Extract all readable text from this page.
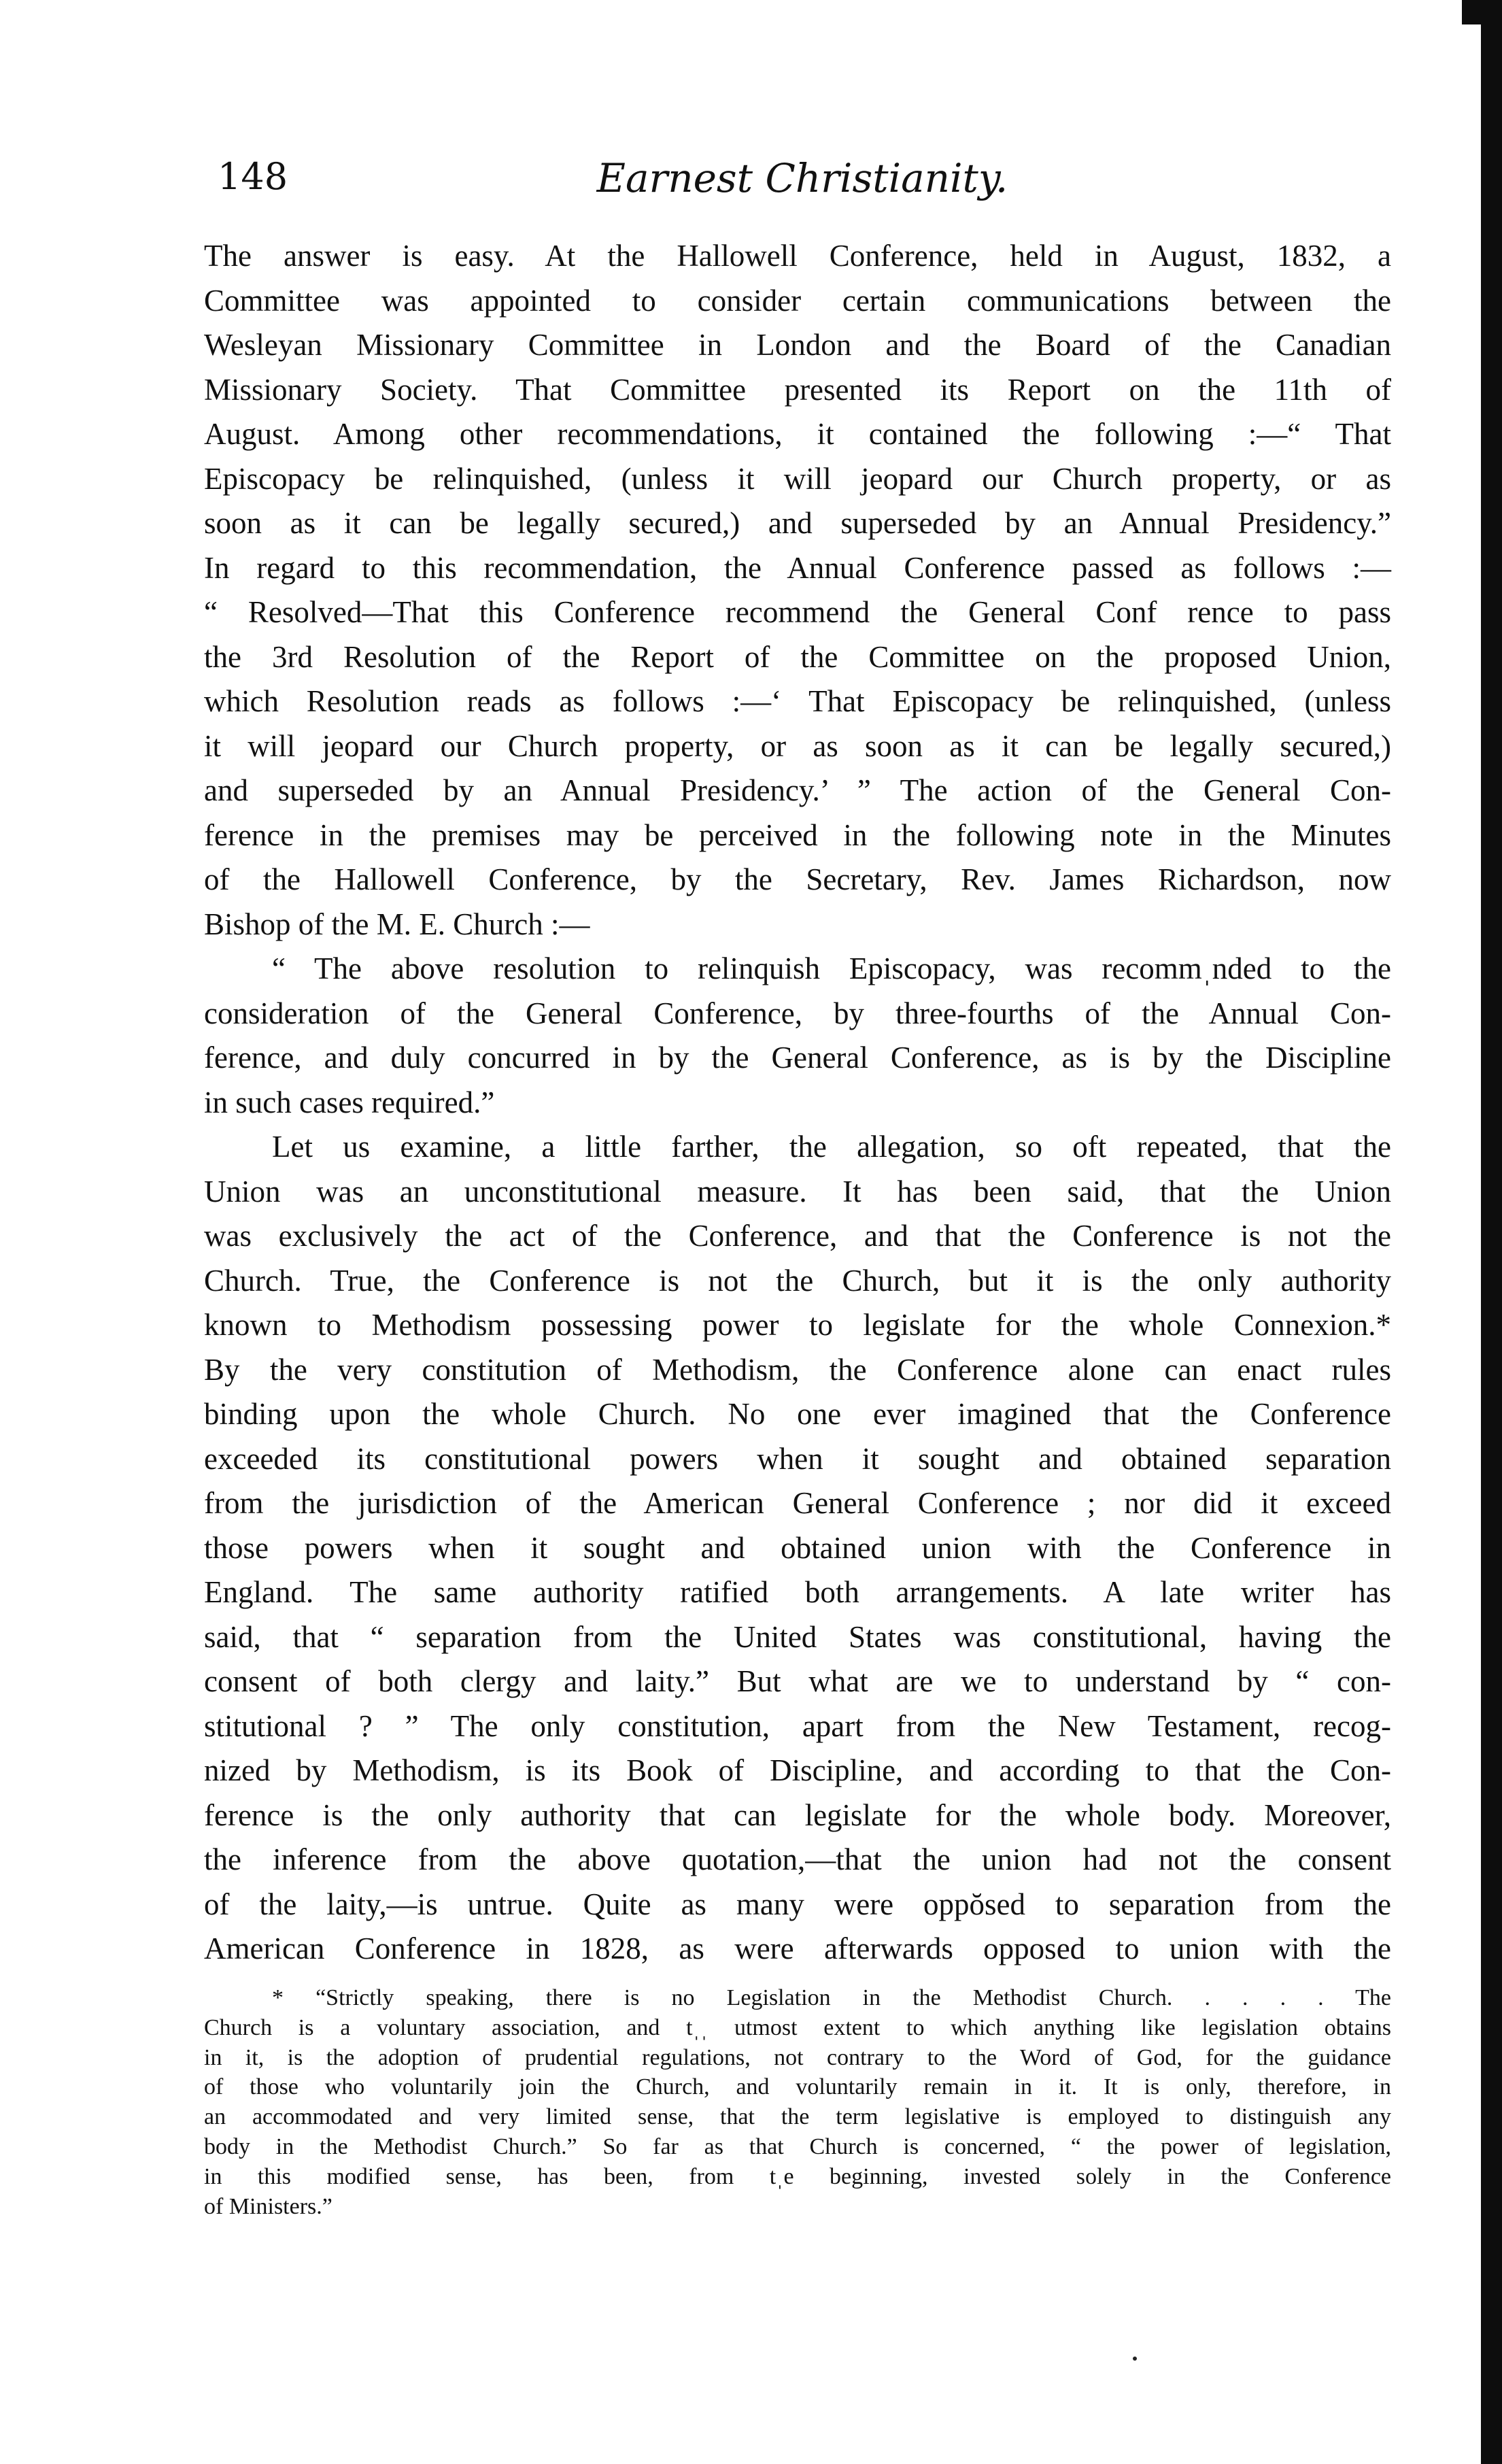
148	Earnest Christianity.
The answer is easy. At the Hallowell Conference, held in August, 1832, a
Committee was appointed to consider certain communications between the
Wesleyan Missionary Committee in London and the Board of the Canadian
Missionary Society. That Committee presented its Report on the 11th of
August. Among other recommendations, it contained the following :—“ That
Episcopacy be relinquished, (unless it will jeopard our Church property, or as
soon as it can be legally secured,) and superseded by an Annual Presidency.”
In regard to this recommendation, the Annual Conference passed as follows :—
“ Resolved—That this Conference recommend the General Conf rence to pass
the 3rd Resolution of the Report of the Committee on the proposed Union,
which Resolution reads as follows :—‘ That Episcopacy be relinquished, (unless
it will jeopard our Church property, or as soon as it can be legally secured,)
and superseded by an Annual Presidency.’ ” The action of the General Con-
ference in the premises may be perceived in the following note in the Minutes
of the Hallowell Conference, by the Secretary, Rev. James Richardson, now
Bishop of the M. E. Church :—
“ The above resolution to relinquish Episcopacy, was recommˌnded to the
consideration of the General Conference, by three-fourths of the Annual Con-
ference, and duly concurred in by the General Conference, as is by the Discipline
in such cases required.”
Let us examine, a little farther, the allegation, so oft repeated, that the
Union was an unconstitutional measure. It has been said, that the Union
was exclusively the act of the Conference, and that the Conference is not the
Church. True, the Conference is not the Church, but it is the only authority
known to Methodism possessing power to legislate for the whole Connexion.*
By the very constitution of Methodism, the Conference alone can enact rules
binding upon the whole Church. No one ever imagined that the Conference
exceeded its constitutional powers when it sought and obtained separation
from the jurisdiction of the American General Conference ; nor did it exceed
those powers when it sought and obtained union with the Conference in
England. The same authority ratified both arrangements. A late writer has
said, that “ separation from the United States was constitutional, having the
consent of both clergy and laity.” But what are we to understand by “ con-
stitutional ? ” The only constitution, apart from the New Testament, recog-
nized by Methodism, is its Book of Discipline, and according to that the Con-
ference is the only authority that can legislate for the whole body. Moreover,
the inference from the above quotation,—that the union had not the consent
of the laity,—is untrue. Quite as many were oppŏsed to separation from the
American Conference in 1828, as were afterwards opposed to union with the
* “Strictly speaking, there is no Legislation in the Methodist Church. . . . . The
Church is a voluntary association, and tˌˌ utmost extent to which anything like legislation obtains
in it, is the adoption of prudential regulations, not contrary to the Word of God, for the guidance
of those who voluntarily join the Church, and voluntarily remain in it. It is only, therefore, in
an accommodated and very limited sense, that the term legislative is employed to distinguish any
body in the Methodist Church.” So far as that Church is concerned, “ the power of legislation,
in this modified sense, has been, from tˌe beginning, invested solely in the Conference
of Ministers.”
